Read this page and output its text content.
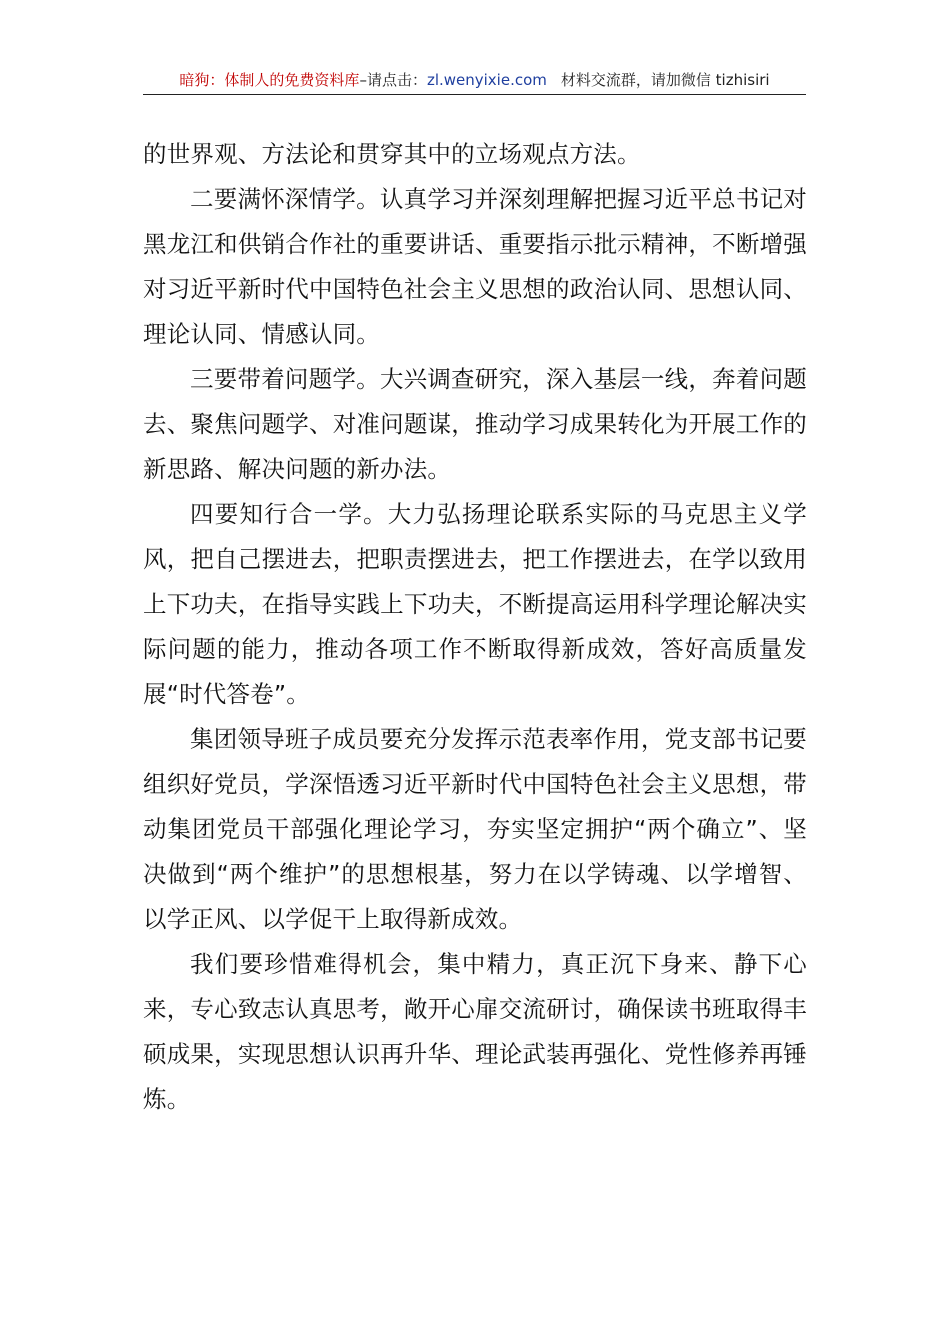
暗狗：体制人的免费资料库–请点击：zl.wenyixie.com 材料交流群，请加微信 tizhisiri

的世界观、方法论和贯穿其中的立场观点方法。

二要满怀深情学。认真学习并深刻理解把握习近平总书记对黑龙江和供销合作社的重要讲话、重要指示批示精神，不断增强对习近平新时代中国特色社会主义思想的政治认同、思想认同、理论认同、情感认同。

三要带着问题学。大兴调查研究，深入基层一线，奔着问题去、聚焦问题学、对准问题谋，推动学习成果转化为开展工作的新思路、解决问题的新办法。

四要知行合一学。大力弘扬理论联系实际的马克思主义学风，把自己摆进去，把职责摆进去，把工作摆进去，在学以致用上下功夫，在指导实践上下功夫，不断提高运用科学理论解决实际问题的能力，推动各项工作不断取得新成效，答好高质量发展“时代答卷”。

集团领导班子成员要充分发挥示范表率作用，党支部书记要组织好党员，学深悟透习近平新时代中国特色社会主义思想，带动集团党员干部强化理论学习，夯实坚定拥护“两个确立”、坚决做到“两个维护”的思想根基，努力在以学铸魂、以学增智、以学正风、以学促干上取得新成效。

我们要珍惜难得机会，集中精力，真正沉下身来、静下心来，专心致志认真思考，敞开心扉交流研讨，确保读书班取得丰硕成果，实现思想认识再升华、理论武装再强化、党性修养再锤炼。
